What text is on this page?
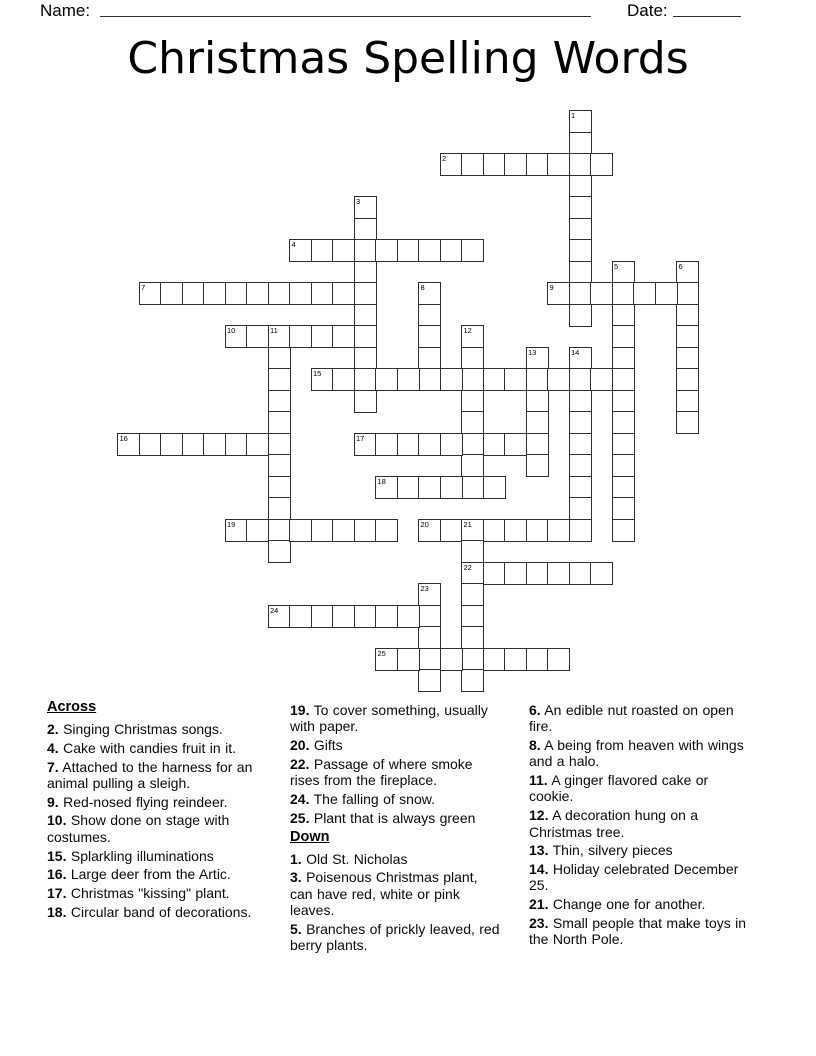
Name:	Date:
Christmas Spelling Words
1
2
3
4
5	6
7	8	9
10	11	12
13	14
15
16	17
18
19	20	21
22
23
24
25
Across

2. Singing Christmas songs.

4. Cake with candies fruit in it.

7. Attached to the harness for an animal pulling a sleigh.

9. Red-nosed flying reindeer.

10. Show done on stage with costumes.

15. Splarkling illuminations

16. Large deer from the Artic.

17. Christmas "kissing" plant.

18. Circular band of decorations.

19. To cover something, usually with paper.

20. Gifts

22. Passage of where smoke rises from the fireplace.

24. The falling of snow.

25. Plant that is always green

Down

1. Old St. Nicholas

3. Poisenous Christmas plant, can have red, white or pink leaves.

5. Branches of prickly leaved, red berry plants.

6. An edible nut roasted on open fire.

8. A being from heaven with wings and a halo.

11. A ginger flavored cake or cookie.

12. A decoration hung on a Christmas tree.

13. Thin, silvery pieces

14. Holiday celebrated December 25.

21. Change one for another.

23. Small people that make toys in the North Pole.
